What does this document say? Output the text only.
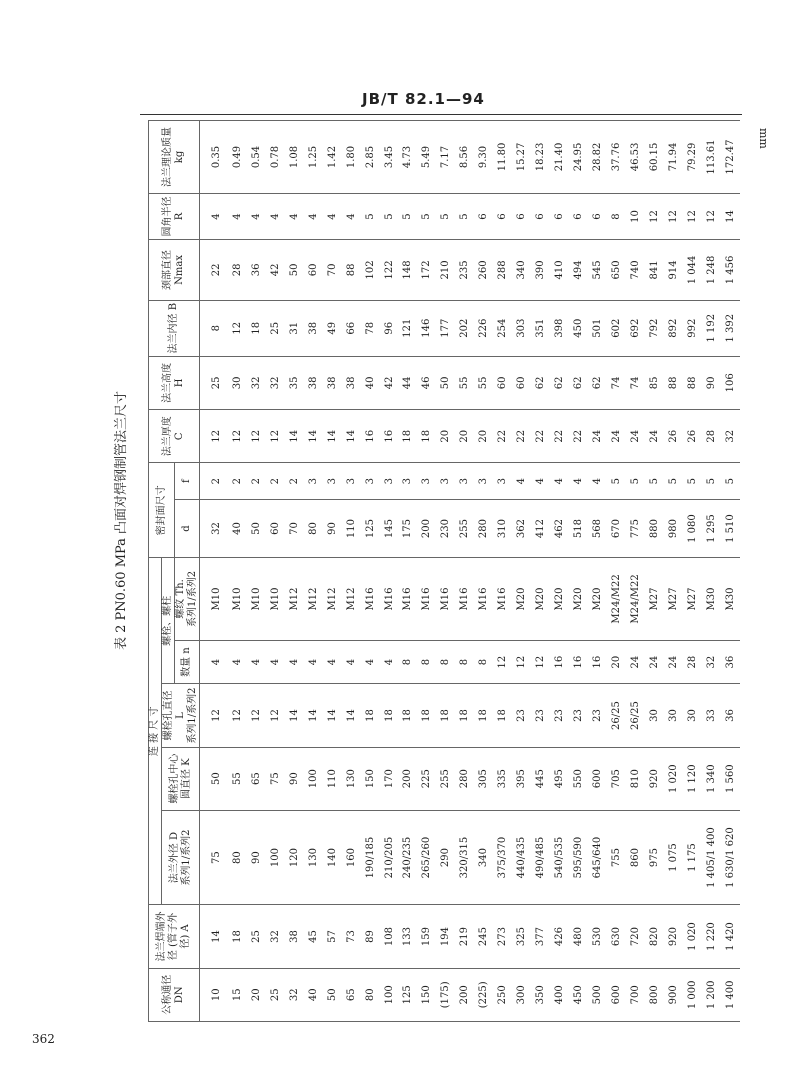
JB/T 82.1—94
mm
表 2 PN0.60 MPa 凸面对焊钢制管法兰尺寸
公称通径 DN	法兰焊端外径 (管子外径) A	连 接 尺 寸					密封面尺寸		法兰厚度 C	法兰高度 H	法兰内径 B	颈部直径 Nmax	圆角半径 R	法兰理论质量 kg
		法兰外径 D
系列1/系列2	螺栓孔中心圆直径 K	螺栓孔直径 L
系列1/系列2	螺栓、螺柱									
					数量 n	螺纹 Th.
系列1/系列2	d	f						
10	14	75	50	12	4	M10	32	2	12	25	8	22	4	0.35
15	18	80	55	12	4	M10	40	2	12	30	12	28	4	0.49
20	25	90	65	12	4	M10	50	2	12	32	18	36	4	0.54
25	32	100	75	12	4	M10	60	2	12	32	25	42	4	0.78
32	38	120	90	14	4	M12	70	2	14	35	31	50	4	1.08
40	45	130	100	14	4	M12	80	3	14	38	38	60	4	1.25
50	57	140	110	14	4	M12	90	3	14	38	49	70	4	1.42
65	73	160	130	14	4	M12	110	3	14	38	66	88	4	1.80
80	89	190/185	150	18	4	M16	125	3	16	40	78	102	5	2.85
100	108	210/205	170	18	4	M16	145	3	16	42	96	122	5	3.45
125	133	240/235	200	18	8	M16	175	3	18	44	121	148	5	4.73
150	159	265/260	225	18	8	M16	200	3	18	46	146	172	5	5.49
(175)	194	290	255	18	8	M16	230	3	20	50	177	210	5	7.17
200	219	320/315	280	18	8	M16	255	3	20	55	202	235	5	8.56
(225)	245	340	305	18	8	M16	280	3	20	55	226	260	6	9.30
250	273	375/370	335	18	12	M16	310	3	22	60	254	288	6	11.80
300	325	440/435	395	23	12	M20	362	4	22	60	303	340	6	15.27
350	377	490/485	445	23	12	M20	412	4	22	62	351	390	6	18.23
400	426	540/535	495	23	16	M20	462	4	22	62	398	410	6	21.40
450	480	595/590	550	23	16	M20	518	4	22	62	450	494	6	24.95
500	530	645/640	600	23	16	M20	568	4	24	62	501	545	6	28.82
600	630	755	705	26/25	20	M24/M22	670	5	24	74	602	650	8	37.76
700	720	860	810	26/25	24	M24/M22	775	5	24	74	692	740	10	46.53
800	820	975	920	30	24	M27	880	5	24	85	792	841	12	60.15
900	920	1 075	1 020	30	24	M27	980	5	26	88	892	914	12	71.94
1 000	1 020	1 175	1 120	30	28	M27	1 080	5	26	88	992	1 044	12	79.29
1 200	1 220	1 405/1 400	1 340	33	32	M30	1 295	5	28	90	1 192	1 248	12	113.61
1 400	1 420	1 630/1 620	1 560	36	36	M30	1 510	5	32	106	1 392	1 456	14	172.47
362
